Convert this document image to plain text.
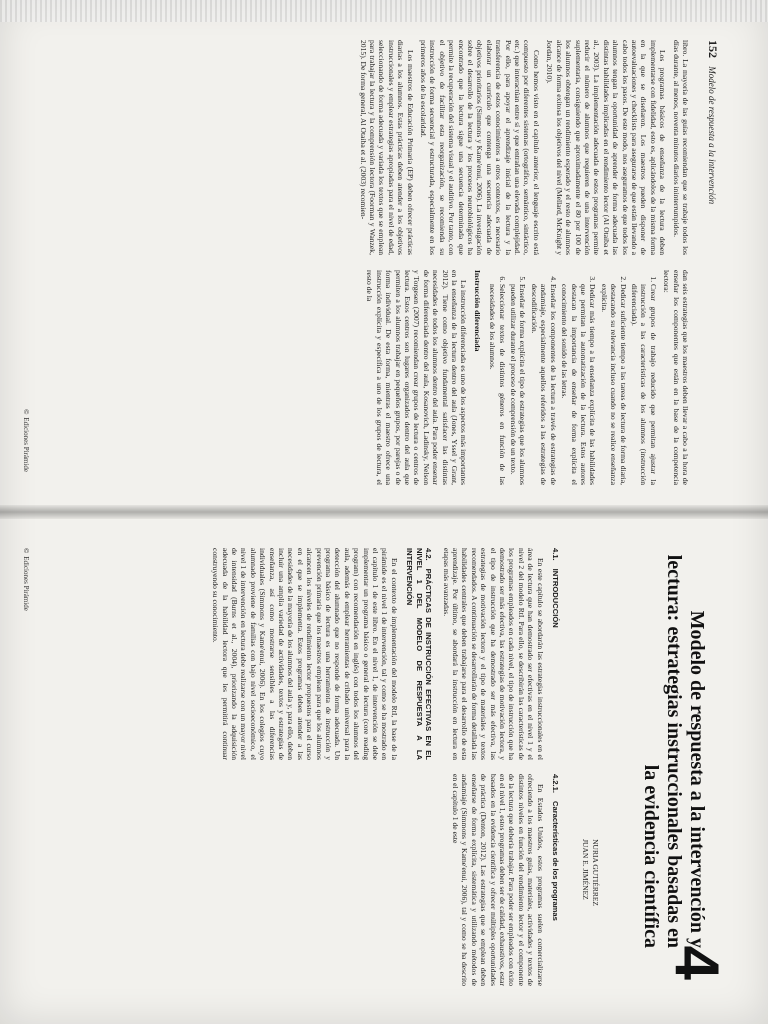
152 Modelo de respuesta a la intervención

libro. La mayoría de las guías recomiendan que se trabaje todos los días durante, al menos, noventa minutos diarios ininterrumpidos.

Los programas básicos de enseñanza de la lectura deben implementarse con fidelidad, esto es, aplicándolos de la misma forma en la que se diseñaron. Los maestros pueden disponer de autoevaluaciones y checklists para asegurarse de que están llevando a cabo todos los pasos. De este modo, nos aseguramos de que todos los alumnos tengan la oportunidad de aprender de forma adecuada las distintas habilidades implicadas en el rendimiento lector (Al Otaiba et al., 2003). La implementación adecuada de estos programas permite reducir el número de alumnos que requieren de una intervención suplementaria, consiguiendo que aproximadamente el 80 por 100 de los alumnos obtengan un rendimiento esperado y el resto de alumnos alcance de forma exitosa los objetivos del nivel (Mellard, McKnight y Jordan, 2010).

Como hemos visto en el capítulo anterior, el lenguaje escrito está compuesto por diferentes sistemas (ortográfico, semántico, sintáctico, etc.) que interactúan entre sí y que entrañan una elevada complejidad. Por ello, para apoyar el aprendizaje inicial de la lectura y la transferencia de estos conocimientos a otros contextos, es necesario elaborar un currículo que contenga una secuencia adecuada de objetivos prioritarios (Simmons y Kame'enui, 2006). La investigación sobre el desarrollo de la lectura y los procesos neurobiológicos ha encontrado que la lectura sigue una secuencia determinada que permite la recuperación del sistema visual y el auditivo. Por tanto, con el objetivo de facilitar esta reorganización, se recomienda su instrucción de forma secuencial y estructurada, especialmente en los primeros años de la escolaridad.

Los maestros de Educación Primaria (EP) deben ofrecer prácticas diarias a los alumnos. Estas prácticas deben atender a los objetivos instruccionales y emplear estrategias apropiadas para el nivel de edad, seleccionando de forma adecuada y variada los textos que se emplean para trabajar la lectura y la comprensión lectora (Foorman y Wanzek, 2015). De forma general, Al Otaiba et al. (2003) recomien-

dan seis estrategias que los maestros deben llevar a cabo a la hora de enseñar los componentes que están en la base de la competencia lectora:

1. Crear grupos de trabajo reducido que permitan ajustar la instrucción a las características de los alumnos (instrucción diferenciada).
2. Dedicar suficiente tiempo a las tareas de lectura de forma diaria, destacando su relevancia incluso cuando no se realice enseñanza explícita.
3. Dedicar más tiempo a la enseñanza explícita de las habilidades que permitan la automatización de la lectura. Estos autores destacan la importancia de enseñar de forma explícita el conocimiento del sonido de las letras.
4. Enseñar los componentes de la lectura a través de estrategias de andamiaje, especialmente aquellos referidos a las estrategias de descodificación.
5. Enseñar de forma explícita el tipo de estrategias que los alumnos pueden utilizar durante el proceso de comprensión de un texto.
6. Seleccionar textos de distintos géneros en función de las necesidades de los alumnos.
Instrucción diferenciada

La instrucción diferenciada es uno de los aspectos más importantes en la enseñanza de la lectura dentro del aula (Jones, Yssel y Grant, 2012). Tiene como objetivo fundamental satisfacer las distintas necesidades de todos los alumnos dentro del aula. Para poder ensenar de forma diferenciada dentro del aula, Kosanovich, Ladinsky, Nelson y Torgesen (2007) recomiendan crear grupos de lectura o centros de lectura. Estos centros son lugares organizados dentro del aula que permiten a los alumnos trabajar en pequeños grupos, por parejas o de forma individual. De esta forma, mientras el maestro ofrece una instrucción explícita y específica a uno de los grupos de lectura, el resto de la

©Ediciones Pirámide
4
Modelo de respuesta a la intervención y lectura: estrategias instruccionales basadas en la evidencia científica
NURIA GUTIÉRREZ
JUAN E. JIMÉNEZ
4.1.INTRODUCCIÓN

En este capítulo se abordarán las estrategias instruccionales en el área de lectura que han demostrado ser efectivas en el nivel 1 y el nivel 2 del modelo RtI. Para ello, se describirán las características de los programas empleados en cada nivel, el tipo de instrucción que ha demostrado ser más efectiva, las estrategias de motivación lectora, y el tipo de instrucción que ha demostrado ser más efectiva, las estrategias de motivación lectora y el tipo de materiales y textos recomendados. A continuación se desarrollarán de forma detallada las habilidades centrales que deben trabajarse para el desarrollo de esta aprendizaje. Por último, se abordará la instrucción en lectura en etapas más avanzadas.

4.2.PRÁCTICAS DE INSTRUCCIÓN EFECTIVAS EN EL NIVEL 1 DEL MODELO DE RESPUESTA A LA INTERVENCIÓN

En el contexto de implementación del modelo RtI, la base de la pirámide es el nivel 1 de intervención, tal y como se ha mostrado en el capítulo 1 de este libro. En el nivel 1, de intervención se debe implementar un programa básico o general de lectura (core reading program) con recomendación en inglés) con todos los alumnos del aula, además de emplear herramientas de cribado universal para la detección del alumnado que no responde de forma adecuada. Un programa básico de lectura es una herramienta de instrucción y prevención primaria que los maestros emplean para que los alumnos alcancen los niveles de rendimiento lector propuestos para el curso en el que se implementa. Estos programas deben atender a las necesidades de la mayoría de los alumnos del aula y, para ello, deben incluir una amplia variedad de actividades, textos y estrategias de enseñanza, así como mostrarse sensibles a las diferencias individuales (Simmons y Kame'enui, 2006). En los colegios cuyo alumnado proviene de familias con bajo nivel socioeconómico, el nivel 1 de intervención en lectura debe realizarse con un mayor nivel de intensidad (Burns et al., 2004), priorizando la adquisición adecuada de la habilidad lectora que les permitirá continuar construyendo su conocimiento.

4.2.1.Características de los programas

En Estados Unidos, estos programas suelen comercializarse ofreciendo a los maestros guías, materiales, actividades y textos de distintos niveles en función del rendimiento lector y el componente de la lectura que debería trabajar. Para poder ser empleados con éxito en el nivel 1, estos programas deben ser de calidad, exhaustivos, estar basados en la evidencia científica y ofrecer múltiples oportunidades de práctica (Denton, 2012). Las estrategias que se emplean deben enseñarse de forma explícita, sistemática y utilizando métodos de andamiaje (Simmons y Kame'enui, 2006), tal y como se ha descrito en el capítulo 1 de este

©Ediciones Pirámide
